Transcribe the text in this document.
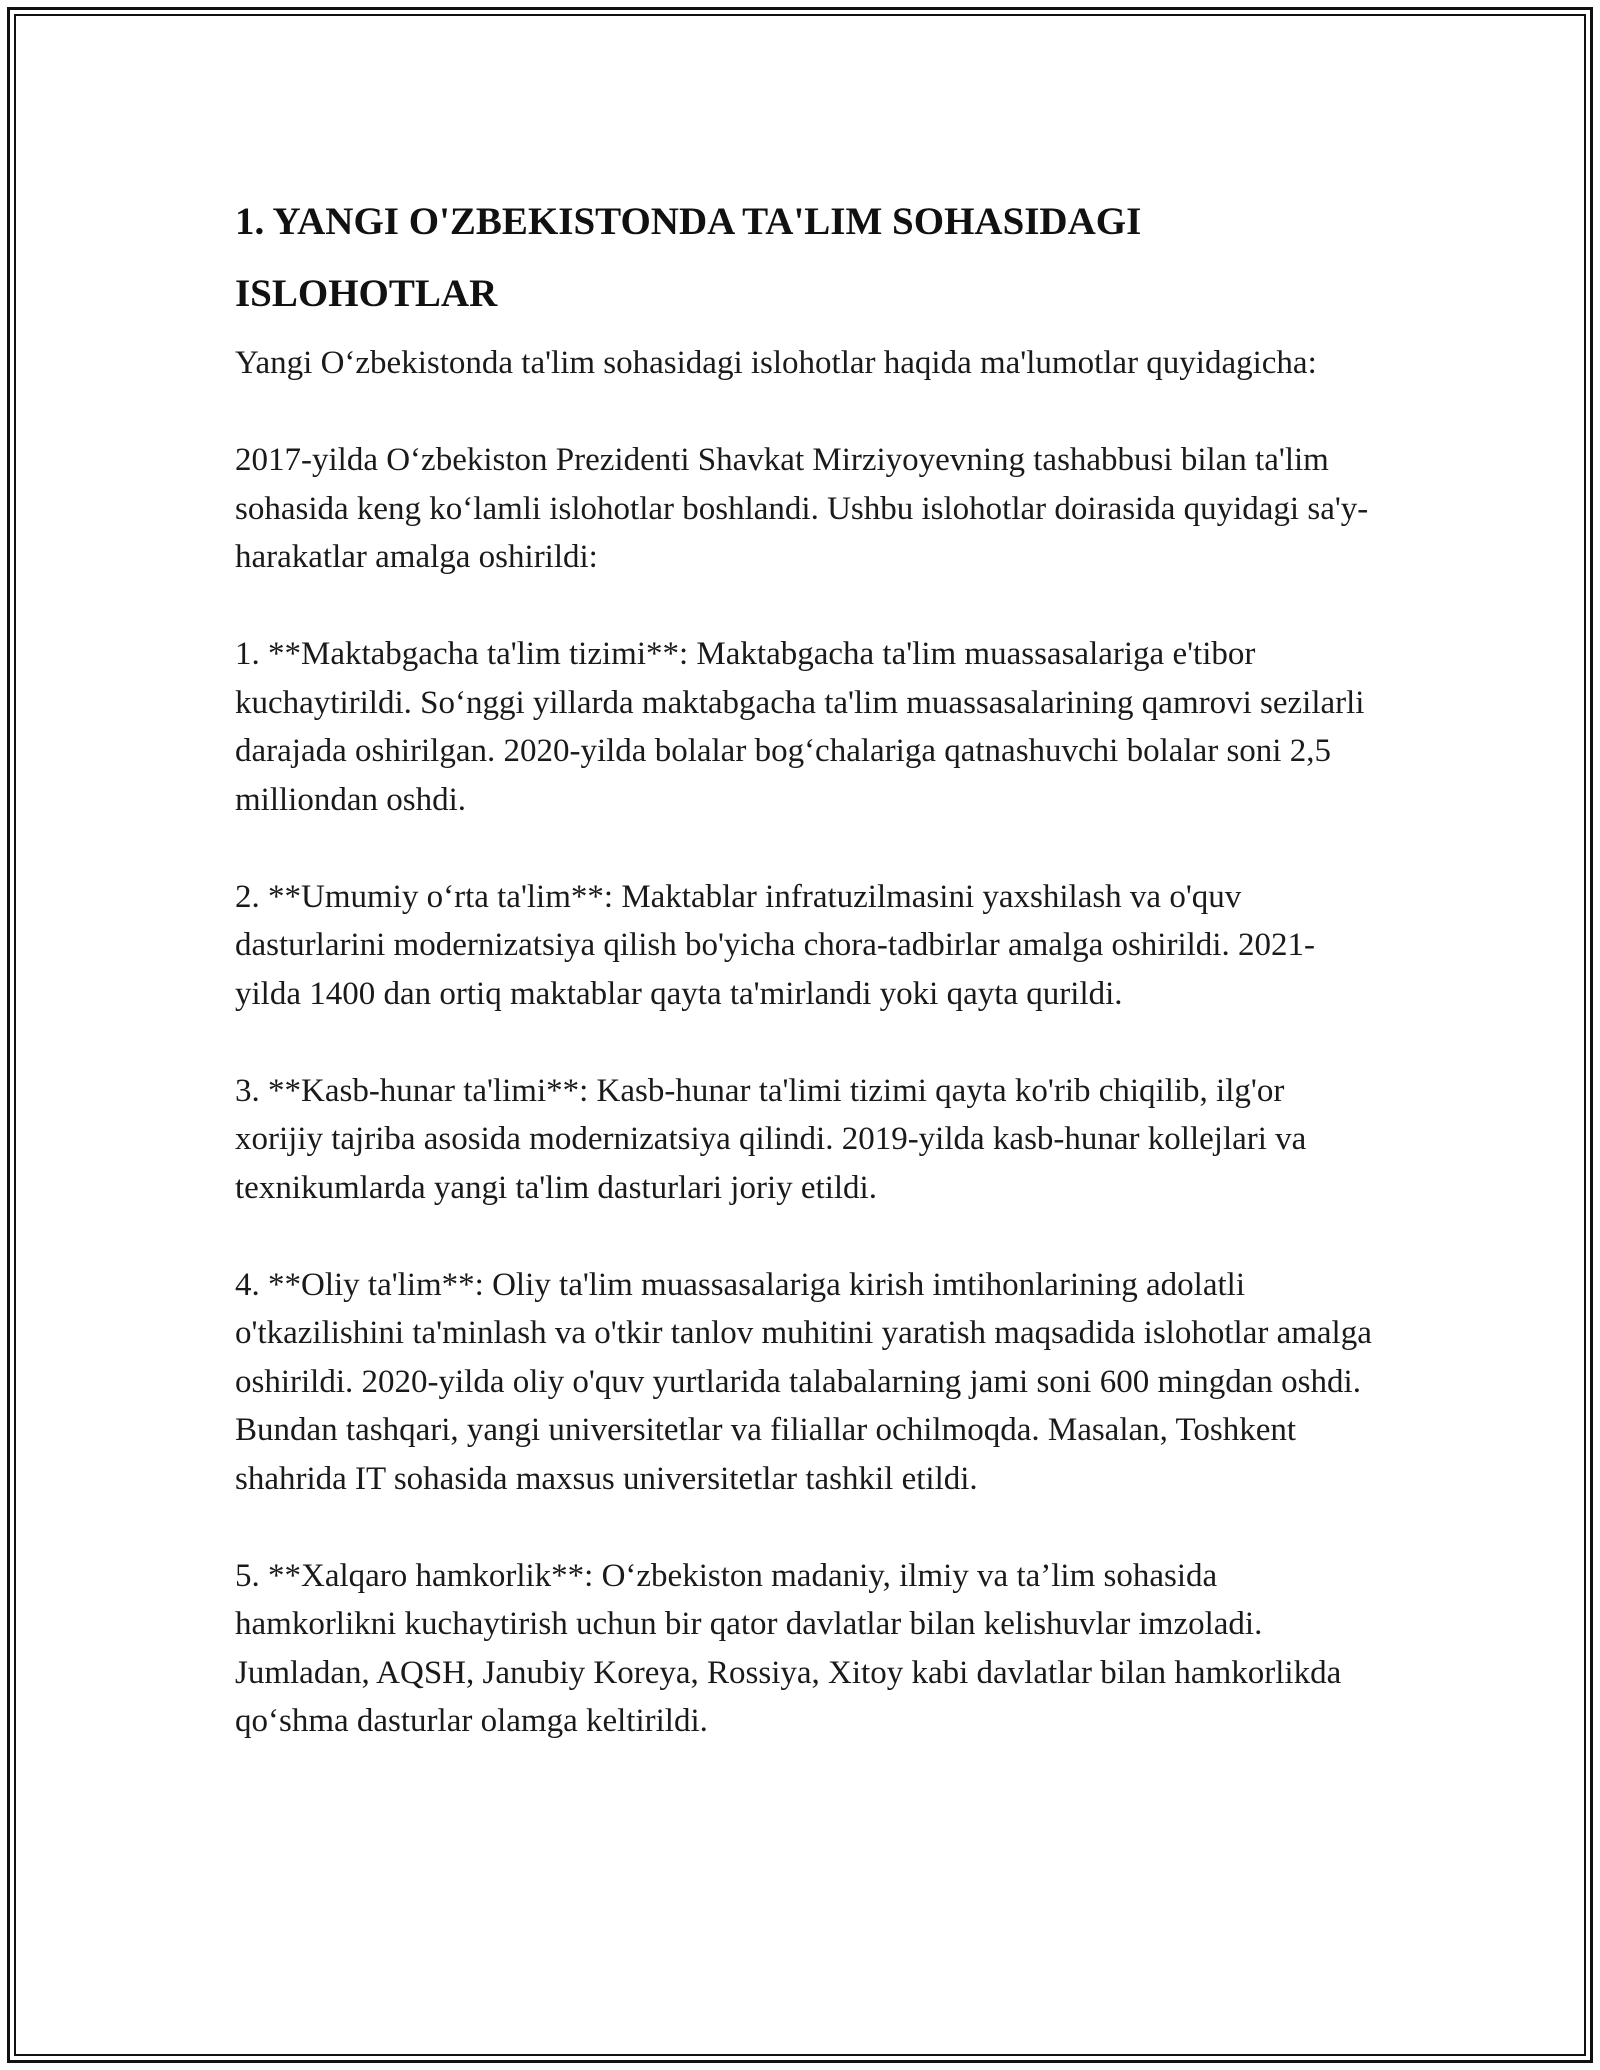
1. YANGI O'ZBEKISTONDA TA'LIM SOHASIDAGI ISLOHOTLAR

Yangi O‘zbekistonda ta'lim sohasidagi islohotlar haqida ma'lumotlar quyidagicha:

2017-yilda O‘zbekiston Prezidenti Shavkat Mirziyoyevning tashabbusi bilan ta'lim sohasida keng ko‘lamli islohotlar boshlandi. Ushbu islohotlar doirasida quyidagi sa'y-harakatlar amalga oshirildi:

1. **Maktabgacha ta'lim tizimi**: Maktabgacha ta'lim muassasalariga e'tibor kuchaytirildi. So‘nggi yillarda maktabgacha ta'lim muassasalarining qamrovi sezilarli darajada oshirilgan. 2020-yilda bolalar bog‘chalariga qatnashuvchi bolalar soni 2,5 milliondan oshdi.

2. **Umumiy o‘rta ta'lim**: Maktablar infratuzilmasini yaxshilash va o'quv dasturlarini modernizatsiya qilish bo'yicha chora-tadbirlar amalga oshirildi. 2021-yilda 1400 dan ortiq maktablar qayta ta'mirlandi yoki qayta qurildi.

3. **Kasb-hunar ta'limi**: Kasb-hunar ta'limi tizimi qayta ko'rib chiqilib, ilg'or xorijiy tajriba asosida modernizatsiya qilindi. 2019-yilda kasb-hunar kollejlari va texnikumlarda yangi ta'lim dasturlari joriy etildi.

4. **Oliy ta'lim**: Oliy ta'lim muassasalariga kirish imtihonlarining adolatli o'tkazilishini ta'minlash va o'tkir tanlov muhitini yaratish maqsadida islohotlar amalga oshirildi. 2020-yilda oliy o'quv yurtlarida talabalarning jami soni 600 mingdan oshdi. Bundan tashqari, yangi universitetlar va filiallar ochilmoqda. Masalan, Toshkent shahrida IT sohasida maxsus universitetlar tashkil etildi.

5. **Xalqaro hamkorlik**: O‘zbekiston madaniy, ilmiy va ta’lim sohasida hamkorlikni kuchaytirish uchun bir qator davlatlar bilan kelishuvlar imzoladi. Jumladan, AQSH, Janubiy Koreya, Rossiya, Xitoy kabi davlatlar bilan hamkorlikda qo‘shma dasturlar olamga keltirildi.
